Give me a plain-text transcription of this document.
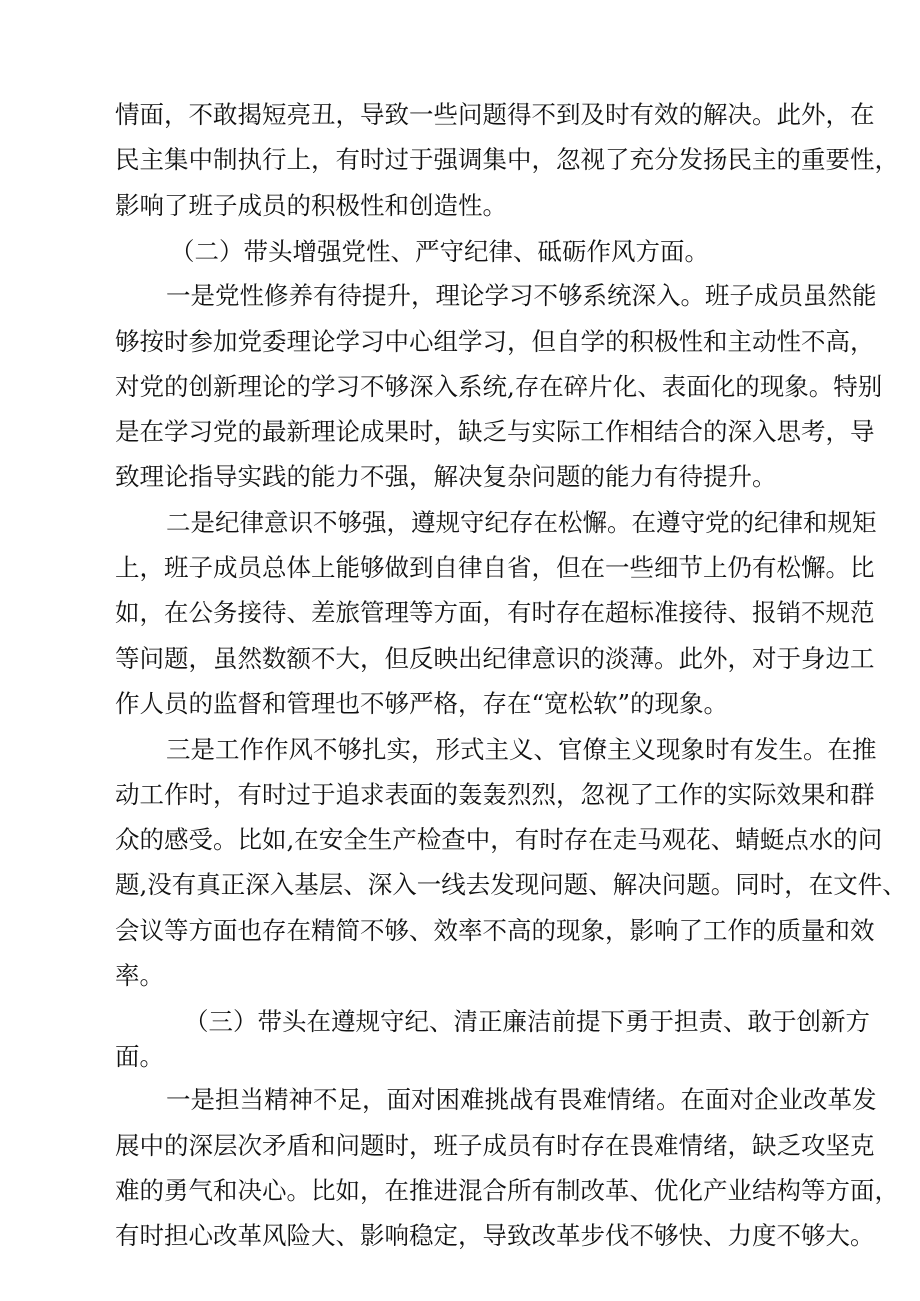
情面，不敢揭短亮丑，导致一些问题得不到及时有效的解决。此外，在
民主集中制执行上，有时过于强调集中，忽视了充分发扬民主的重要性，
影响了班子成员的积极性和创造性。
（二）带头增强党性、严守纪律、砥砺作风方面。
一是党性修养有待提升，理论学习不够系统深入。班子成员虽然能
够按时参加党委理论学习中心组学习，但自学的积极性和主动性不高，
对党的创新理论的学习不够深入系统,存在碎片化、表面化的现象。特别
是在学习党的最新理论成果时，缺乏与实际工作相结合的深入思考，导
致理论指导实践的能力不强，解决复杂问题的能力有待提升。
二是纪律意识不够强，遵规守纪存在松懈。在遵守党的纪律和规矩
上，班子成员总体上能够做到自律自省，但在一些细节上仍有松懈。比
如，在公务接待、差旅管理等方面，有时存在超标准接待、报销不规范
等问题，虽然数额不大，但反映出纪律意识的淡薄。此外，对于身边工
作人员的监督和管理也不够严格，存在“宽松软”的现象。
三是工作作风不够扎实，形式主义、官僚主义现象时有发生。在推
动工作时，有时过于追求表面的轰轰烈烈，忽视了工作的实际效果和群
众的感受。比如,在安全生产检查中，有时存在走马观花、蜻蜓点水的问
题,没有真正深入基层、深入一线去发现问题、解决问题。同时，在文件、
会议等方面也存在精简不够、效率不高的现象，影响了工作的质量和效
率。
（三）带头在遵规守纪、清正廉洁前提下勇于担责、敢于创新方
面。
一是担当精神不足，面对困难挑战有畏难情绪。在面对企业改革发
展中的深层次矛盾和问题时，班子成员有时存在畏难情绪，缺乏攻坚克
难的勇气和决心。比如，在推进混合所有制改革、优化产业结构等方面，
有时担心改革风险大、影响稳定，导致改革步伐不够快、力度不够大。
